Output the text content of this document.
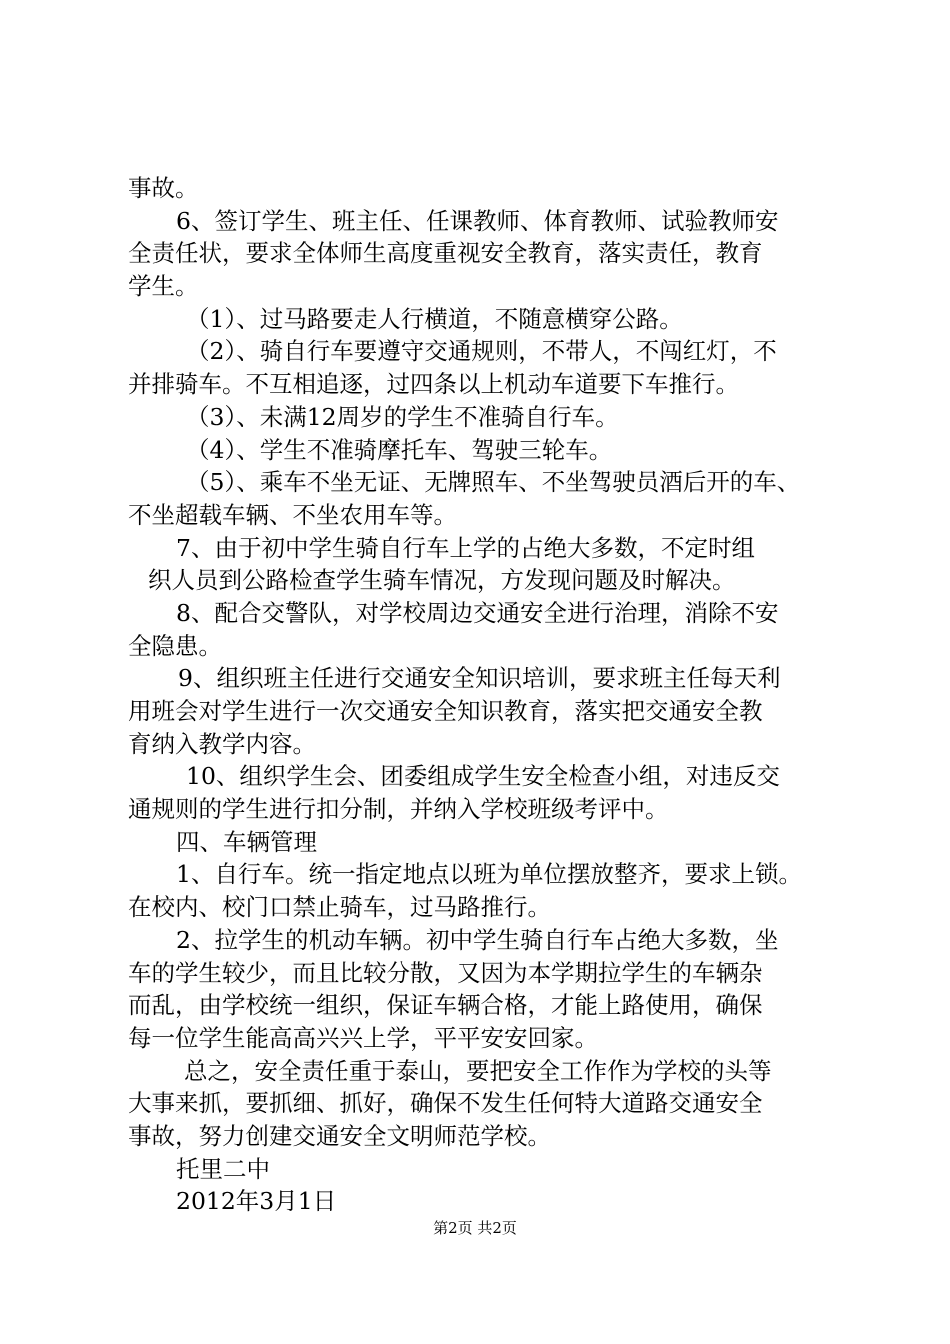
事故。
6、签订学生、班主任、任课教师、体育教师、试验教师安
全责任状，要求全体师生高度重视安全教育，落实责任，教育
学生。
（1）、过马路要走人行横道，不随意横穿公路。
（2）、骑自行车要遵守交通规则，不带人，不闯红灯，不
并排骑车。不互相追逐，过四条以上机动车道要下车推行。
（3）、未满12周岁的学生不准骑自行车。
（4）、学生不准骑摩托车、驾驶三轮车。
（5）、乘车不坐无证、无牌照车、不坐驾驶员酒后开的车、
不坐超载车辆、不坐农用车等。
7、由于初中学生骑自行车上学的占绝大多数，不定时组
织人员到公路检查学生骑车情况，方发现问题及时解决。
8、配合交警队，对学校周边交通安全进行治理，消除不安
全隐患。
9、组织班主任进行交通安全知识培训，要求班主任每天利
用班会对学生进行一次交通安全知识教育，落实把交通安全教
育纳入教学内容。
10、组织学生会、团委组成学生安全检查小组，对违反交
通规则的学生进行扣分制，并纳入学校班级考评中。
四、车辆管理
1、自行车。统一指定地点以班为单位摆放整齐，要求上锁。
在校内、校门口禁止骑车，过马路推行。
2、拉学生的机动车辆。初中学生骑自行车占绝大多数，坐
车的学生较少，而且比较分散，又因为本学期拉学生的车辆杂
而乱，由学校统一组织，保证车辆合格，才能上路使用，确保
每一位学生能高高兴兴上学，平平安安回家。
总之，安全责任重于泰山，要把安全工作作为学校的头等
大事来抓，要抓细、抓好，确保不发生任何特大道路交通安全
事故，努力创建交通安全文明师范学校。
托里二中
2012年3月1日
第2页 共2页
